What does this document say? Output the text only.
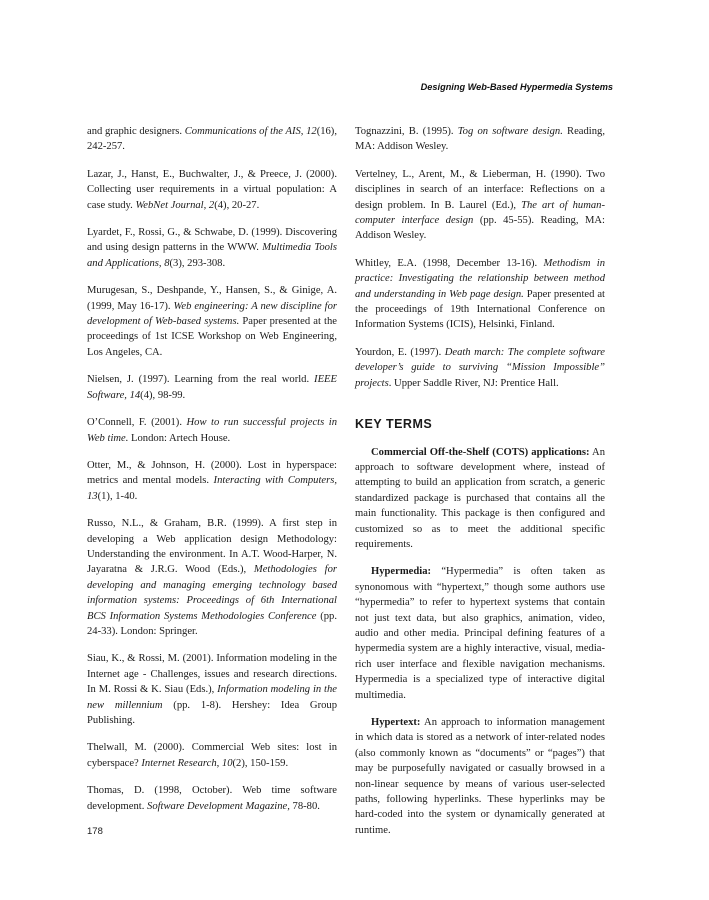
Designing Web-Based Hypermedia Systems

and graphic designers. Communications of the AIS, 12(16), 242-257.

Lazar, J., Hanst, E., Buchwalter, J., & Preece, J. (2000). Collecting user requirements in a virtual population: A case study. WebNet Journal, 2(4), 20-27.

Lyardet, F., Rossi, G., & Schwabe, D. (1999). Discovering and using design patterns in the WWW. Multimedia Tools and Applications, 8(3), 293-308.

Murugesan, S., Deshpande, Y., Hansen, S., & Ginige, A. (1999, May 16-17). Web engineering: A new discipline for development of Web-based systems. Paper presented at the proceedings of 1st ICSE Workshop on Web Engineering, Los Angeles, CA.

Nielsen, J. (1997). Learning from the real world. IEEE Software, 14(4), 98-99.

O’Connell, F. (2001). How to run successful projects in Web time. London: Artech House.

Otter, M., & Johnson, H. (2000). Lost in hyperspace: metrics and mental models. Interacting with Computers, 13(1), 1-40.

Russo, N.L., & Graham, B.R. (1999). A first step in developing a Web application design Methodology: Understanding the environment. In A.T. Wood-Harper, N. Jayaratna & J.R.G. Wood (Eds.), Methodologies for developing and managing emerging technology based information systems: Proceedings of 6th International BCS Information Systems Methodologies Conference (pp. 24-33). London: Springer.

Siau, K., & Rossi, M. (2001). Information modeling in the Internet age - Challenges, issues and research directions. In M. Rossi & K. Siau (Eds.), Information modeling in the new millennium (pp. 1-8). Hershey: Idea Group Publishing.

Thelwall, M. (2000). Commercial Web sites: lost in cyberspace? Internet Research, 10(2), 150-159.

Thomas, D. (1998, October). Web time software development. Software Development Magazine, 78-80.

Tognazzini, B. (1995). Tog on software design. Reading, MA: Addison Wesley.

Vertelney, L., Arent, M., & Lieberman, H. (1990). Two disciplines in search of an interface: Reflections on a design problem. In B. Laurel (Ed.), The art of human-computer interface design (pp. 45-55). Reading, MA: Addison Wesley.

Whitley, E.A. (1998, December 13-16). Methodism in practice: Investigating the relationship between method and understanding in Web page design. Paper presented at the proceedings of 19th International Conference on Information Systems (ICIS), Helsinki, Finland.

Yourdon, E. (1997). Death march: The complete software developer’s guide to surviving “Mission Impossible” projects. Upper Saddle River, NJ: Prentice Hall.

KEY TERMS

Commercial Off-the-Shelf (COTS) applications: An approach to software development where, instead of attempting to build an application from scratch, a generic standardized package is purchased that contains all the main functionality. This package is then configured and customized so as to meet the additional specific requirements.

Hypermedia: “Hypermedia” is often taken as synonomous with “hypertext,” though some authors use “hypermedia” to refer to hypertext systems that contain not just text data, but also graphics, animation, video, audio and other media. Principal defining features of a hypermedia system are a highly interactive, visual, media-rich user interface and flexible navigation mechanisms. Hypermedia is a specialized type of interactive digital multimedia.

Hypertext: An approach to information management in which data is stored as a network of inter-related nodes (also commonly known as “documents” or “pages”) that may be purposefully navigated or casually browsed in a non-linear sequence by means of various user-selected paths, following hyperlinks. These hyperlinks may be hard-coded into the system or dynamically generated at runtime.

178
